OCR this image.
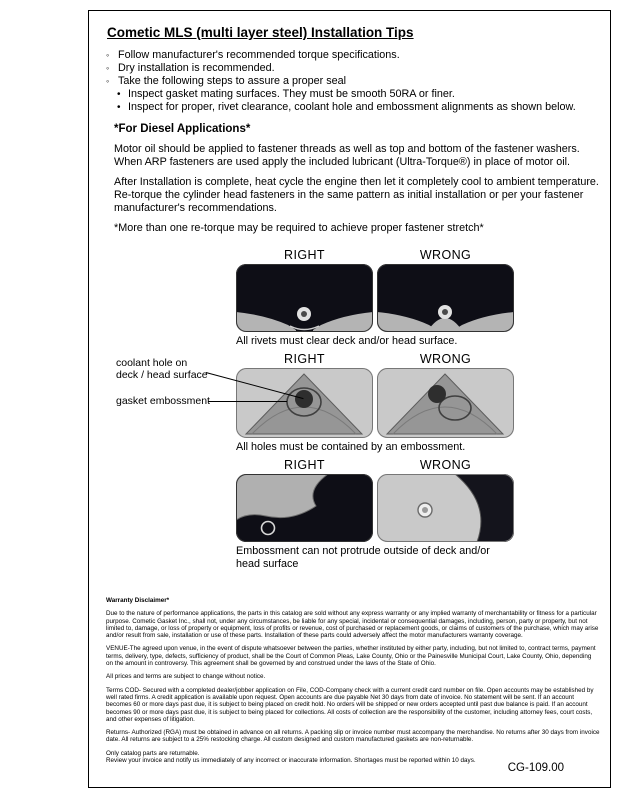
Cometic MLS (multi layer steel) Installation Tips
◦ Follow manufacturer's recommended torque specifications.
◦ Dry installation is recommended.
◦ Take the following steps to assure a proper seal
• Inspect gasket mating surfaces. They must be smooth 50RA or finer.
• Inspect for proper, rivet clearance, coolant hole and embossment alignments as shown below.
*For Diesel Applications*
Motor oil should be applied to fastener threads as well as top and bottom of the fastener washers. When ARP fasteners are used apply the included lubricant (Ultra-Torque®) in place of motor oil.
After Installation is complete, heat cycle the engine then let it completely cool to ambient temperature. Re-torque the cylinder head fasteners in the same pattern as initial installation or per your fastener manufacturer's recommendations.
*More than one re-torque may be required to achieve proper fastener stretch*
RIGHT	WRONG
All rivets must clear deck and/or head surface.
coolant hole on
deck / head surface
gasket embossment
RIGHT	WRONG
All holes must be contained by an embossment.
RIGHT	WRONG
Embossment can not protrude outside of deck and/or head surface
Warranty Disclaimer*
Due to the nature of performance applications, the parts in this catalog are sold without any express warranty or any implied warranty of merchantability or fitness for a particular purpose. Cometic Gasket Inc., shall not, under any circumstances, be liable for any special, incidental or consequential damages, including, person, party or property, but not limited to, damage, or loss of property or equipment, loss of profits or revenue, cost of purchased or replacement goods, or claims of customers of the purchase, which may arise and/or result from sale, installation or use of these parts. Installation of these parts could adversely affect the motor manufacturers warranty coverage.
VENUE-The agreed upon venue, in the event of dispute whatsoever between the parties, whether instituted by either party, including, but not limited to, contract terms, payment terms, delivery, type, defects, sufficiency of product, shall be the Court of Common Pleas, Lake County, Ohio or the Painesville Municipal Court, Lake County, Ohio, depending on the amount in controversy. This agreement shall be governed by and construed under the laws of the State of Ohio.
All prices and terms are subject to change without notice.
Terms COD- Secured with a completed dealer/jobber application on File, COD-Company check with a current credit card number on file. Open accounts may be established by well rated firms. A credit application is available upon request. Open accounts are due payable Net 30 days from date of invoice. No statement will be sent. If an account becomes 60 or more days past due, it is subject to being placed on credit hold. No orders will be shipped or new orders accepted until past due balance is paid. If an account becomes 90 or more days past due, it is subject to being placed for collections. All costs of collection are the responsibility of the customer, including attorney fees, court costs, and other expenses of litigation.
Returns- Authorized (RGA) must be obtained in advance on all returns. A packing slip or invoice number must accompany the merchandise. No returns after 30 days from invoice date. All returns are subject to a 25% restocking charge. All custom designed and custom manufactured gaskets are non-returnable.
Only catalog parts are returnable.
Review your invoice and notify us immediately of any incorrect or inaccurate information. Shortages must be reported within 10 days.
CG-109.00
